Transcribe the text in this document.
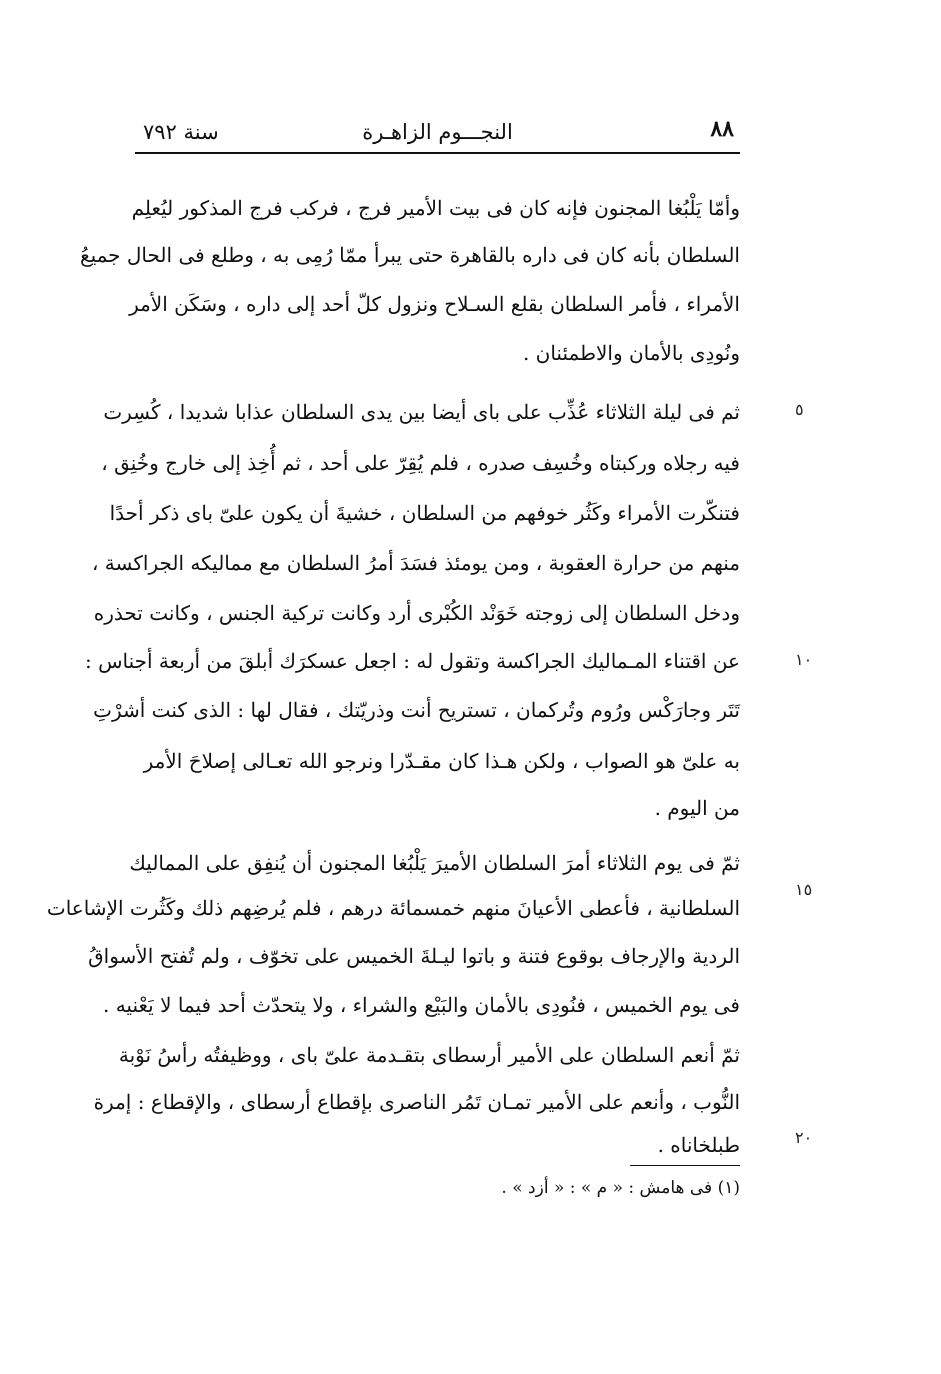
سنة ٧٩٢	النجـــوم الزاهـرة	٨٨
وأمّا يَلْبُغا المجنون فإنه كان فى بيت الأمير فرج ، فركب فرج المذكور ليُعلِم
السلطان بأنه كان فى داره بالقاهرة حتى يبرأ ممّا رُمِى به ، وطلع فى الحال جميعُ
الأمراء ، فأمر السلطان بقلع السـلاح ونزول كلّ أحد إلى داره ، وسَكَن الأمر
ونُودِى بالأمان والاطمئنان .
ثم فى ليلة الثلاثاء عُذِّب على باى أيضا بين يدى السلطان عذابا شديدا ، كُسِرت
فيه رجلاه وركبتاه وخُسِف صدره ، فلم يُقِرّ على أحد ، ثم أُخِذ إلى خارج وخُنِق ،
فتنكّرت الأمراء وكَثُر خوفهم من السلطان ، خشيةَ أن يكون علىّ باى ذكر أحدًا
منهم من حرارة العقوبة ، ومن يومئذ فسَدَ أمرُ السلطان مع مماليكه الجراكسة ،
ودخل السلطان إلى زوجته خَوَنْد الكُبْرى أرد وكانت تركية الجنس ، وكانت تحذره
عن اقتناء المـماليك الجراكسة وتقول له : اجعل عسكرَك أبلقَ من أربعة أجناس :
تَتَر وجارَكْس ورُوم وتُركمان ، تستريح أنت وذريّتك ، فقال لها : الذى كنت أشرْتِ
به علىّ هو الصواب ، ولكن هـذا كان مقـدّرا ونرجو الله تعـالى إصلاحَ الأمر
من اليوم .
ثمّ فى يوم الثلاثاء أمرَ السلطان الأميرَ يَلْبُغا المجنون أن يُنفِق على المماليك
السلطانية ، فأعطى الأعيانَ منهم خمسمائة درهم ، فلم يُرضِهم ذلك وكَثُرت الإشاعات
الردية والإرجاف بوقوع فتنة و باتوا ليـلةَ الخميس على تخوّف ، ولم تُفتح الأسواقُ
فى يوم الخميس ، فنُودِى بالأمان والبَيْع والشراء ، ولا يتحدّث أحد فيما لا يَعْنيه .
ثمّ أنعم السلطان على الأمير أرسطاى بتقـدمة علىّ باى ، ووظيفتُه رأسُ نَوْبة
النُّوب ، وأنعم على الأمير تمـان تَمُر الناصرى بإقطاع أرسطاى ، والإقطاع : إمرة
طبلخاناه .
٥
١٠
١٥
٢٠
(١) فى هامش : « م » : « أزد » .
